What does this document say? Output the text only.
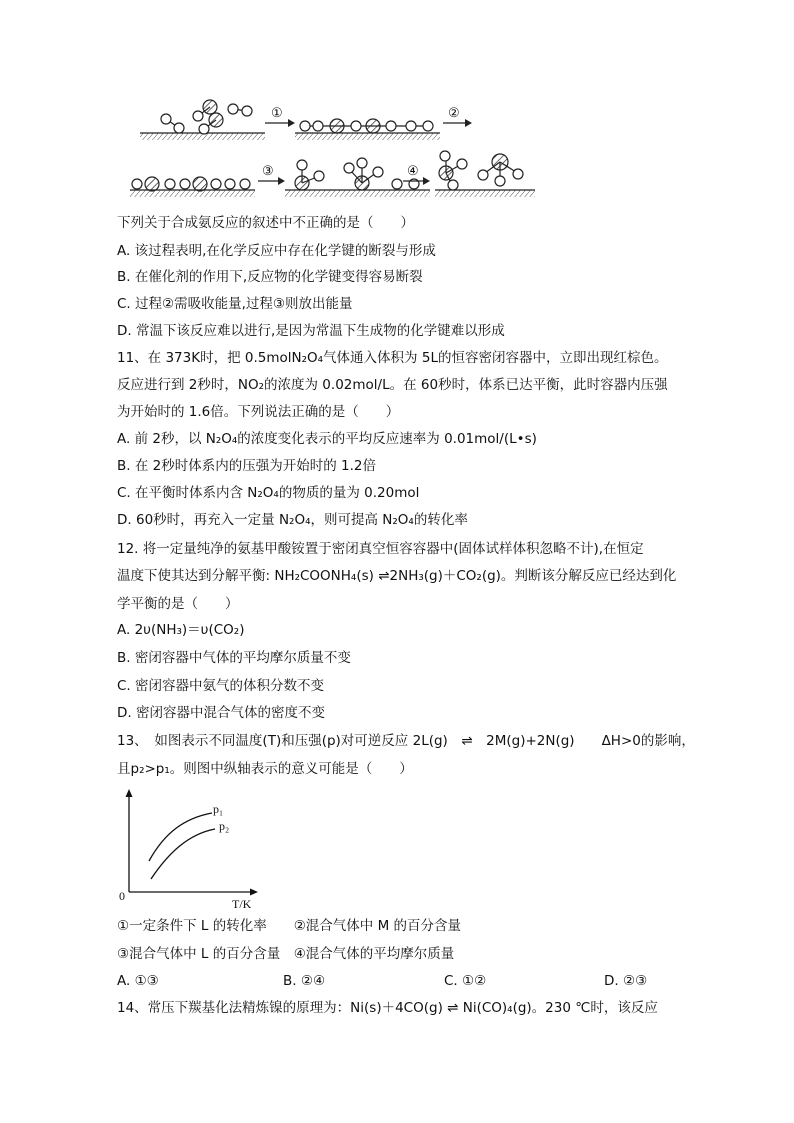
①	②
③	④
下列关于合成氨反应的叙述中不正确的是（　　）
A. 该过程表明,在化学反应中存在化学键的断裂与形成
B. 在催化剂的作用下,反应物的化学键变得容易断裂
C. 过程②需吸收能量,过程③则放出能量
D. 常温下该反应难以进行,是因为常温下生成物的化学键难以形成
11、在 373K时，把 0.5molN₂O₄气体通入体积为 5L的恒容密闭容器中，立即出现红棕色。
反应进行到 2秒时，NO₂的浓度为 0.02mol/L。在 60秒时，体系已达平衡，此时容器内压强
为开始时的 1.6倍。下列说法正确的是（　　）
A. 前 2秒，以 N₂O₄的浓度变化表示的平均反应速率为 0.01mol/(L•s)
B. 在 2秒时体系内的压强为开始时的 1.2倍
C. 在平衡时体系内含 N₂O₄的物质的量为 0.20mol
D. 60秒时，再充入一定量 N₂O₄，则可提高 N₂O₄的转化率
12. 将一定量纯净的氨基甲酸铵置于密闭真空恒容容器中(固体试样体积忽略不计),在恒定
温度下使其达到分解平衡: NH₂COONH₄(s) ⇌2NH₃(g)＋CO₂(g)。判断该分解反应已经达到化
学平衡的是（　　）
A. 2υ(NH₃)＝υ(CO₂)
B. 密闭容器中气体的平均摩尔质量不变
C. 密闭容器中氨气的体积分数不变
D. 密闭容器中混合气体的密度不变
13、　如图表示不同温度(T)和压强(p)对可逆反应 2L(g)　⇌　2M(g)+2N(g)　　ΔH>0的影响，
且p₂>p₁。则图中纵轴表示的意义可能是（　　）
p₁
p₂
0
T/K
①一定条件下 L 的转化率　　②混合气体中 M 的百分含量
③混合气体中 L 的百分含量　④混合气体的平均摩尔质量
A. ①③	B. ②④	C. ①②	D. ②③
14、常压下羰基化法精炼镍的原理为：Ni(s)＋4CO(g) ⇌ Ni(CO)₄(g)。230 ℃时，该反应
